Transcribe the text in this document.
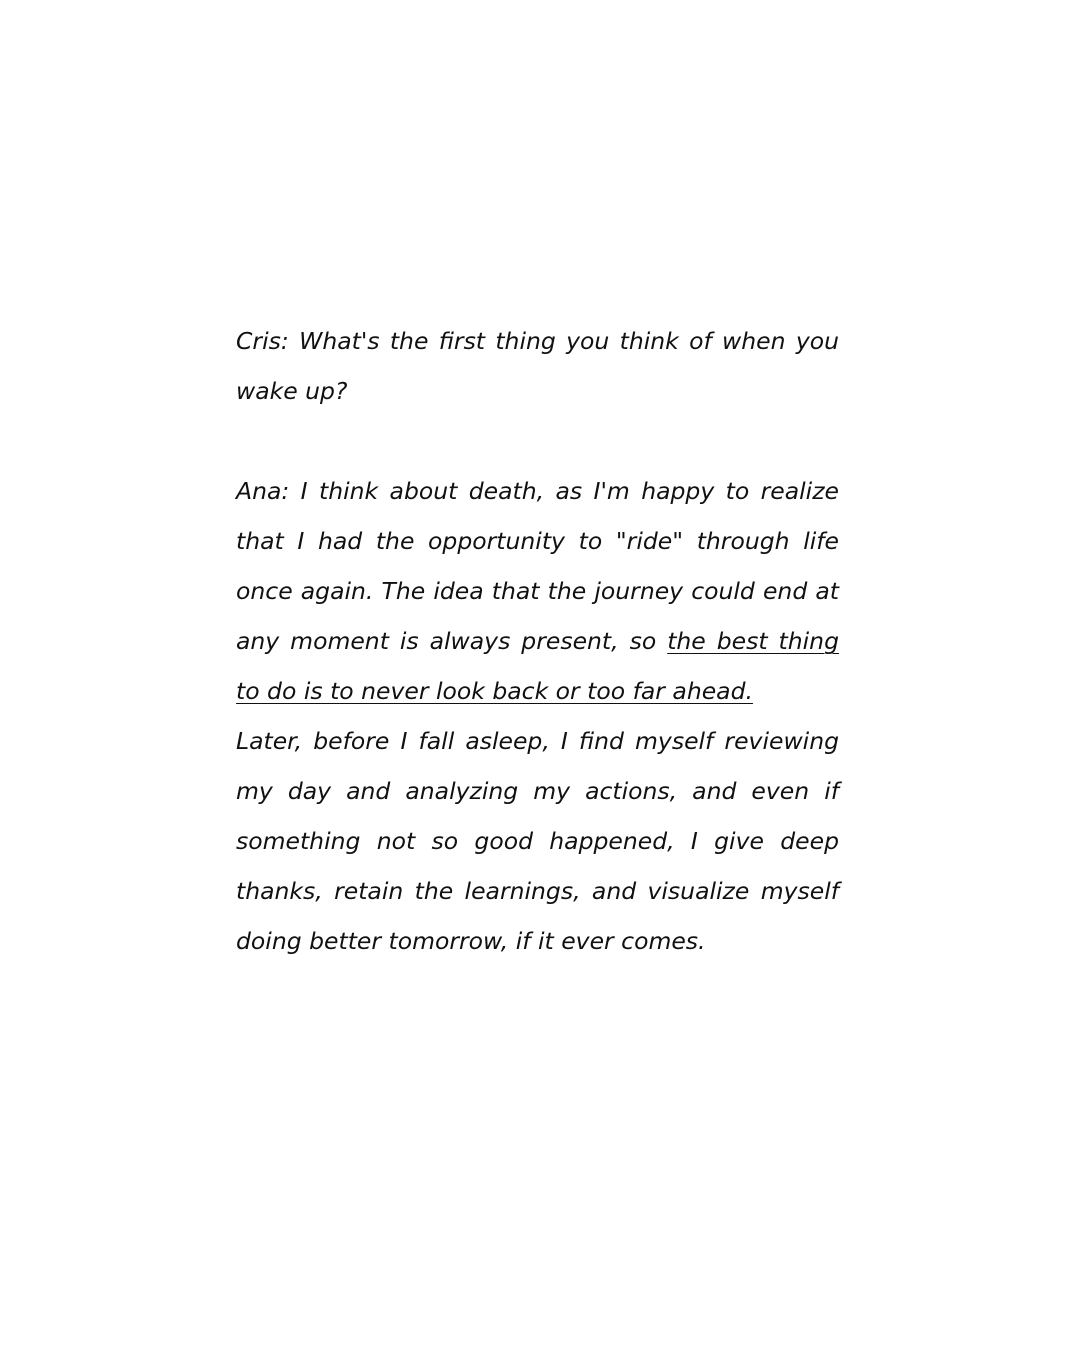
Cris: What's the first thing you think of when you wake up?

Ana: I think about death, as I'm happy to realize that I had the opportunity to "ride" through life once again. The idea that the journey could end at any moment is always present, so the best thing to do is to never look back or too far ahead.

Later, before I fall asleep, I find myself reviewing my day and analyzing my actions, and even if something not so good happened, I give deep thanks, retain the learnings, and visualize myself doing better tomorrow, if it ever comes.
